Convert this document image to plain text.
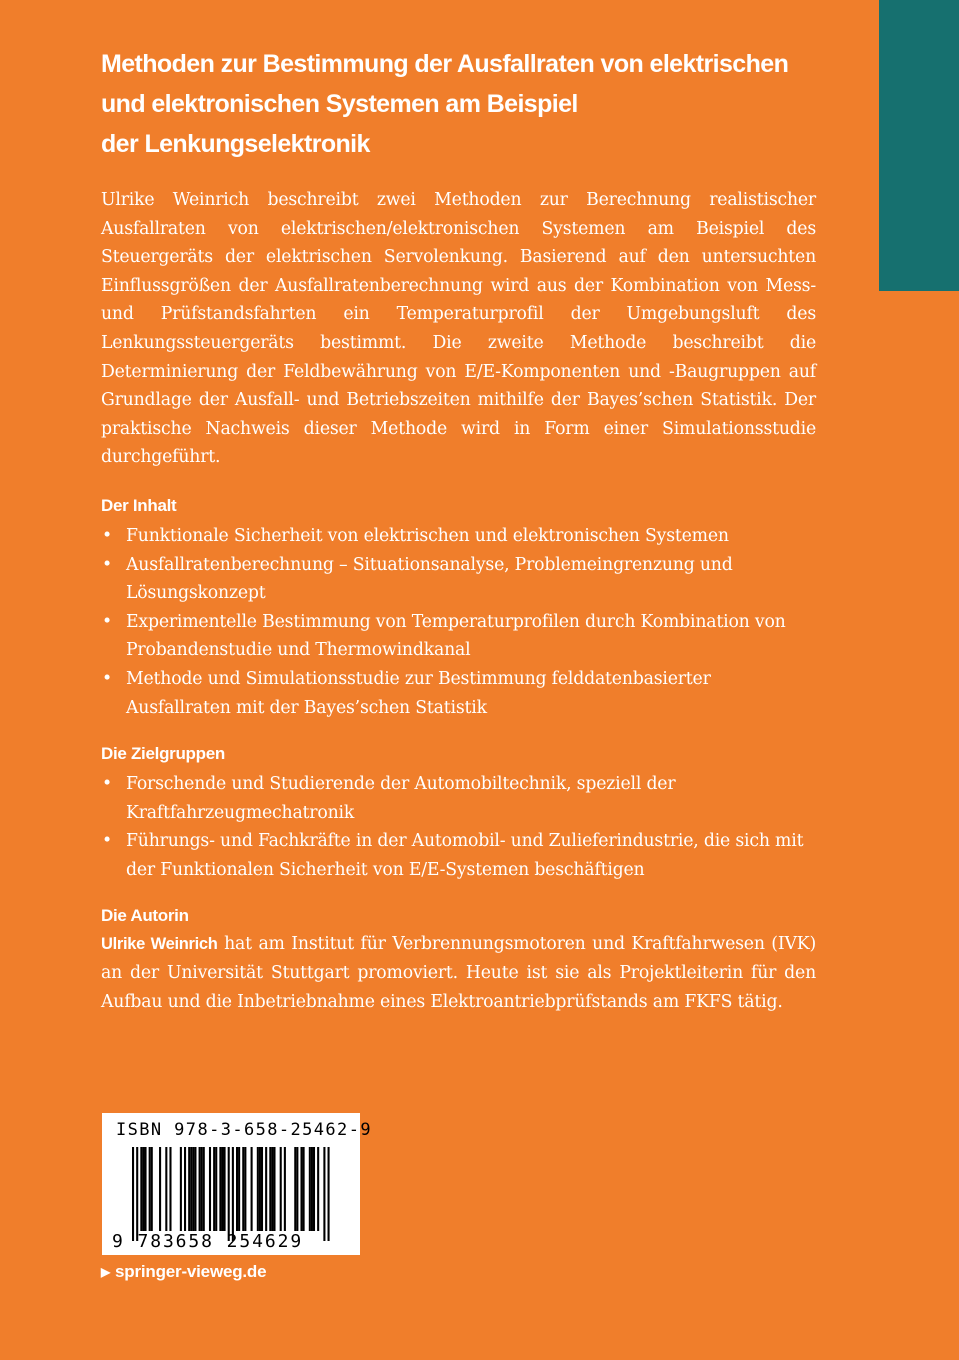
Methoden zur Bestimmung der Ausfallraten von elektrischen
und elektronischen Systemen am Beispiel
der Lenkungselektronik

Ulrike Weinrich beschreibt zwei Methoden zur Berechnung realistischer Ausfallraten von elektrischen/elektronischen Systemen am Beispiel des Steuergeräts der elektrischen Servolenkung. Basierend auf den untersuchten Einflussgrößen der Ausfallratenberechnung wird aus der Kombination von Mess- und Prüfstandsfahrten ein Temperaturprofil der Umgebungsluft des Lenkungssteuergeräts bestimmt. Die zweite Methode beschreibt die Determinierung der Feldbewährung von E/E-Komponenten und -Baugruppen auf Grundlage der Ausfall- und Betriebszeiten mithilfe der Bayes’schen Statistik. Der praktische Nachweis dieser Methode wird in Form einer Simulationsstudie durchgeführt.

Der Inhalt
• Funktionale Sicherheit von elektrischen und elektronischen Systemen
• Ausfallratenberechnung – Situationsanalyse, Problemeingrenzung und Lösungskonzept
• Experimentelle Bestimmung von Temperaturprofilen durch Kombination von Probandenstudie und Thermowindkanal
• Methode und Simulationsstudie zur Bestimmung felddatenbasierter Ausfallraten mit der Bayes’schen Statistik
Die Zielgruppen
• Forschende und Studierende der Automobiltechnik, speziell der Kraftfahrzeugmechatronik
• Führungs- und Fachkräfte in der Automobil- und Zulieferindustrie, die sich mit der Funktionalen Sicherheit von E/E-Systemen beschäftigen
Die Autorin

Ulrike Weinrich hat am Institut für Verbrennungsmotoren und Kraftfahrwesen (IVK) an der Universität Stuttgart promoviert. Heute ist sie als Projektleiterin für den Aufbau und die Inbetriebnahme eines Elektroantriebprüfstands am FKFS tätig.

ISBN 978-3-658-25462-9
9 783658 254629
▶ springer-vieweg.de
